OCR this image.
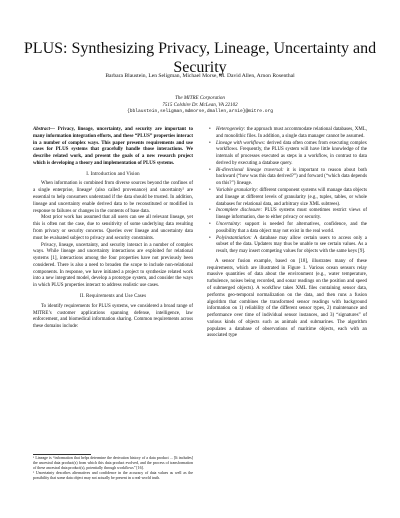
PLUS: Synthesizing Privacy, Lineage, Uncertainty and Security
Barbara Blaustein, Len Seligman, Michael Morse, M. David Allen, Arnon Rosenthal
The MITRE Corporation
7515 Colshire Dr. McLean, VA 22102
{bblaustein,seligman,mdmorse,dmallen,arnie}@mitre.org

Abstract— Privacy, lineage, uncertainty, and security are important to many information integration efforts, and these “PLUS” properties interact in a number of complex ways. This paper presents requirements and use cases for PLUS systems that gracefully handle those interactions. We describe related work, and present the goals of a new research project which is developing a theory and implementation of PLUS systems.

I. Introduction and Vision

When information is combined from diverse sources beyond the confines of a single enterprise, lineage¹ (also called provenance) and uncertainty² are essential to help consumers understand if the data should be trusted. In addition, lineage and uncertainty enable derived data to be reconstituted or modified in response to failures or changes in the contents of base data.

Most prior work has assumed that all users can see all relevant lineage, yet this is often not the case, due to sensitivity of some underlying data resulting from privacy or security concerns. Queries over lineage and uncertainty data must be evaluated subject to privacy and security constraints.

Privacy, lineage, uncertainty, and security interact in a number of complex ways. While lineage and uncertainty interactions are exploited for relational systems [1], interactions among the four properties have not previously been considered. There is also a need to broaden the scope to include non-relational components. In response, we have initiated a project to synthesize related work into a new integrated model, develop a prototype system, and consider the ways in which PLUS properties interact to address realistic use cases.

II. Requirements and Use Cases

To identify requirements for PLUS systems, we considered a broad range of MITRE’s customer applications spanning defense, intelligence, law enforcement, and biomedical information sharing. Common requirements across these domains include:

¹ Lineage is “information that helps determine the derivation history of a data product ... [It includes] the ancestral data product(s) from which this data product evolved, and the process of transformation of these ancestral data product(s), potentially through workflows” [16].

² Uncertainty describes alternatives and confidence in the accuracy of data values as well as the possibility that some data object may not actually be present in a real-world truth.

• Heterogeneity: the approach must accommodate relational databases, XML, and monolithic files. In addition, a single data manager cannot be assumed.
• Lineage with workflows: derived data often comes from executing complex workflows. Frequently, the PLUS system will have little knowledge of the internals of processes executed as steps in a workflow, in contrast to data derived by executing a database query.
• Bi-directional lineage traversal: it is important to reason about both backward (“how was this data derived?”) and forward (“which data depends on this?”) lineage.
• Variable granularity: different component systems will manage data objects and lineage at different levels of granularity (e.g., tuples, tables, or whole databases for relational data, and arbitrary size XML subtrees).
• Incomplete disclosure: PLUS systems must sometimes restrict views of lineage information, due to either privacy or security.
• Uncertainty: support is needed for alternatives, confidence, and the possibility that a data object may not exist in the real world.
• Polyinstantiation: A database may allow certain users to access only a subset of the data. Updaters may thus be unable to see certain values. As a result, they may insert competing values for objects with the same keys [9].

A sensor fusion example, based on [18], illustrates many of these requirements, which are illustrated in Figure 1. Various ocean sensors relay massive quantities of data about the environment (e.g., water temperature, turbulence, noises being recorded, and sonar readings on the position and speed of submerged objects). A workflow takes XML files containing sensor data, performs geo-temporal normalization on the data, and then runs a fusion algorithm that combines the transformed sensor readings with background information on 1) reliability of the different sensor types, 2) maintenance and performance over time of individual sensor instances, and 3) “signatures” of various kinds of objects such as animals and submarines. The algorithm populates a database of observations of maritime objects, each with an associated type
